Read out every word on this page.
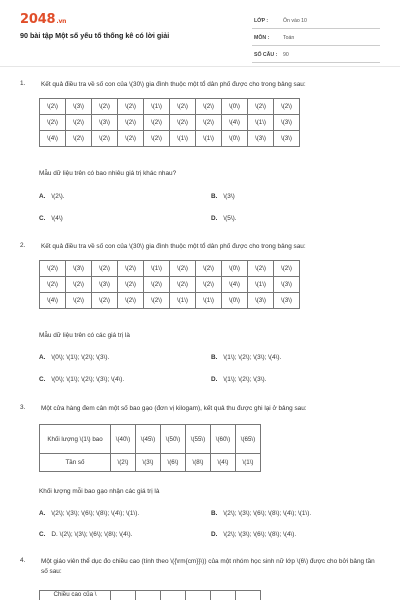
2048.vn
90 bài tập Một số yếu tố thống kê có lời giải
LỚP :	Ôn vào 10
MÔN :	Toán
SỐ CÂU : 90
1. Kết quả điều tra về số con của \(30\) gia đình thuộc một tổ dân phố được cho trong bảng sau:
\(2\)	\(3\)	\(2\)	\(2\)	\(1\)	\(2\)	\(2\)	\(0\)	\(2\)	\(2\)
\(2\)	\(2\)	\(3\)	\(2\)	\(2\)	\(2\)	\(2\)	\(4\)	\(1\)	\(3\)
\(4\)	\(2\)	\(2\)	\(2\)	\(2\)	\(1\)	\(1\)	\(0\)	\(3\)	\(3\)
Mẫu dữ liệu trên có bao nhiêu giá trị khác nhau?
A. \(2\).	B. \(3\)
C. \(4\)	D. \(5\).
2. Kết quả điều tra về số con của \(30\) gia đình thuộc một tổ dân phố được cho trong bảng sau:
\(2\)	\(3\)	\(2\)	\(2\)	\(1\)	\(2\)	\(2\)	\(0\)	\(2\)	\(2\)
\(2\)	\(2\)	\(3\)	\(2\)	\(2\)	\(2\)	\(2\)	\(4\)	\(1\)	\(3\)
\(4\)	\(2\)	\(2\)	\(2\)	\(2\)	\(1\)	\(1\)	\(0\)	\(3\)	\(3\)
Mẫu dữ liệu trên có các giá trị là
A. \(0\); \(1\); \(2\); \(3\).	B. \(1\); \(2\); \(3\); \(4\).
C. \(0\); \(1\); \(2\); \(3\); \(4\).	D. \(1\); \(2\); \(3\).
3. Một cửa hàng đem cân một số bao gạo (đơn vị kilogam), kết quả thu được ghi lại ở bảng sau:
Khối lượng \(1\) bao	\(40\)	\(45\)	\(50\)	\(55\)	\(60\)	\(65\)
Tần số	\(2\)	\(3\)	\(6\)	\(8\)	\(4\)	\(1\)
Khối lượng mỗi bao gạo nhận các giá trị là
A. \(2\); \(3\); \(6\); \(8\); \(4\); \(1\).	B. \(2\); \(3\); \(6\); \(8\); \(4\); \(1\).
C. D. \(2\); \(3\); \(6\); \(8\); \(4\).	D. \(2\); \(3\); \(6\); \(8\); \(4\).
4. Một giáo viên thể dục đo chiều cao (tính theo \({\rm{cm}}\)) của một nhóm học sinh nữ lớp \(6\) được cho bởi bảng tần số sau:
Chiều cao của \						
